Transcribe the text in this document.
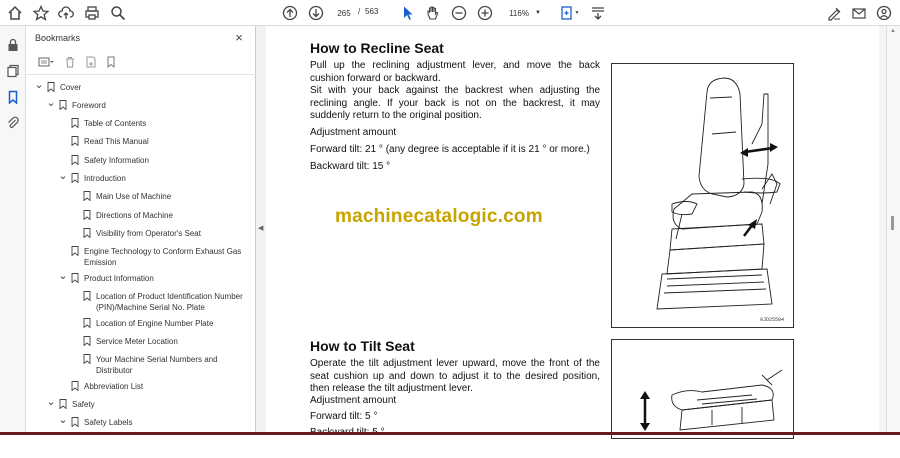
265 / 563	116% ▼	▼
Bookmarks	×
⌄ Cover
⌄ Foreword
Table of Contents
Read This Manual
Safety Information
⌄ Introduction
Main Use of Machine
Directions of Machine
Visibility from Operator's Seat
Engine Technology to Conform Exhaust Gas Emission
⌄ Product Information
Location of Product Identification Number (PIN)/Machine Serial No. Plate
Location of Engine Number Plate
Service Meter Location
Your Machine Serial Numbers and Distributor
Abbreviation List
⌄ Safety
⌄ Safety Labels
◀
How to Recline Seat
Pull up the reclining adjustment lever, and move the back cushion forward or backward.
Sit with your back against the backrest when adjusting the reclining angle. If your back is not on the backrest, it may suddenly return to the original position.
Adjustment amount
Forward tilt: 21 ° (any degree is acceptable if it is 21 ° or more.)
Backward tilt: 15 °
9JD25504
machinecatalogic.com
How to Tilt Seat
Operate the tilt adjustment lever upward, move the front of the seat cushion up and down to adjust it to the desired position, then release the tilt adjustment lever.
Adjustment amount
Forward tilt: 5 °
▲
